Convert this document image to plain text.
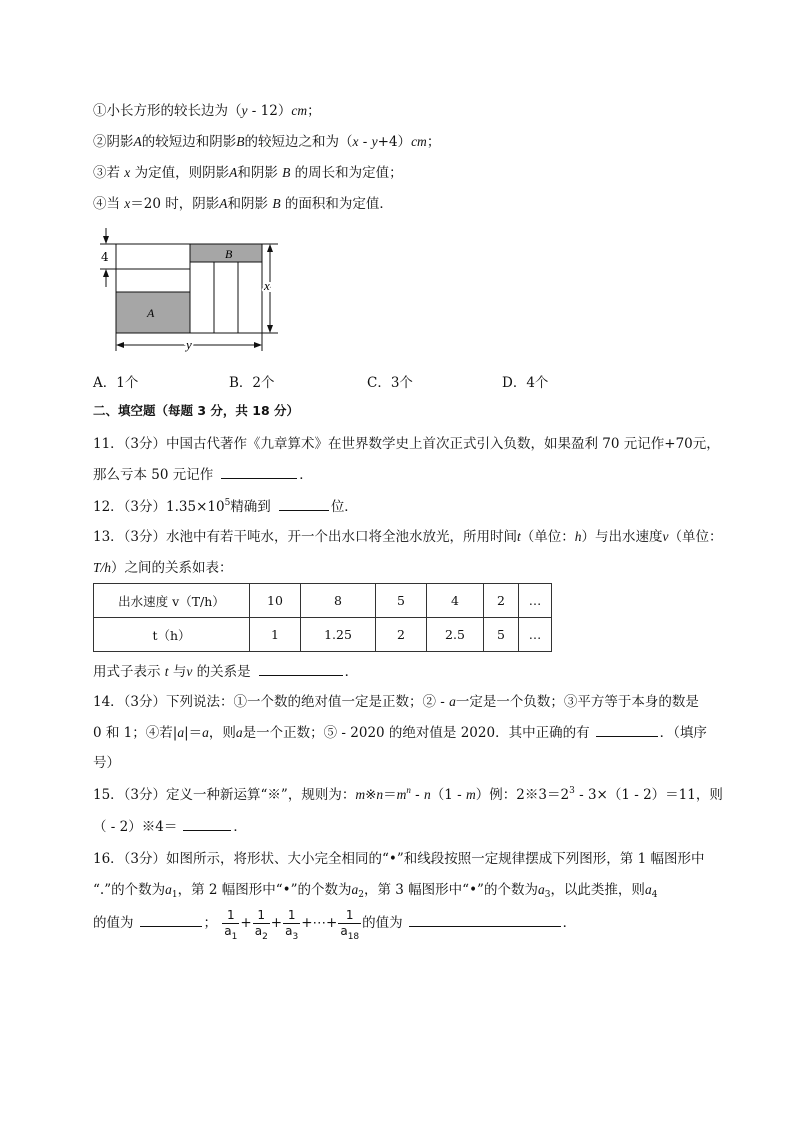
①小长方形的较长边为（y - 12）cm；
②阴影A的较短边和阴影B的较短边之和为（x - y+4）cm；
③若 x 为定值，则阴影A和阴影 B 的周长和为定值；
④当 x＝20 时，阴影A和阴影 B 的面积和为定值．
4
A
B
x
y
A．1个	B．2个	C．3个	D．4个
二、填空题（每题 3 分，共 18 分）
11．（3分）中国古代著作《九章算术》在世界数学史上首次正式引入负数，如果盈利 70 元记作+70元，
那么亏本 50 元记作	．
12．（3分）$1.35\times 10^5$精确到	位．
13．（3分）水池中有若干吨水，开一个出水口将全池水放光，所用时间t（单位：h）与出水速度v（单位：
T/h）之间的关系如表：
出水速度 v（T/h）	10	8	5	4	2	…
t（h）	1	1.25	2	2.5	5	…
用式子表示 t 与v 的关系是	．
14．（3分）下列说法：①一个数的绝对值一定是正数；② - a一定是一个负数；③平方等于本身的数是
0 和 1；④若|a|＝a，则a是一个正数；⑤ - 2020 的绝对值是 2020．其中正确的有	．（填序
号）
15．（3分）定义一种新运算“※”，规则为：$m※n=m^n - n(1 - m)$例：$2※3=2^3 - 3\times(1 - 2)=11$，则
（ - 2）※4＝	．
16．（3分）如图所示，将形状、大小完全相同的“•”和线段按照一定规律摆成下列图形，第 1 幅图形中
“.”的个数为$a_1$，第 2 幅图形中“•”的个数为$a_2$，第 3 幅图形中“•”的个数为$a_3$，以此类推，则$a_4$
的值为	； $\frac{1}{a_1} + \frac{1}{a_2} + \frac{1}{a_3}$ +⋯+ $\frac{1}{a_{18}}$ 的值为	．
